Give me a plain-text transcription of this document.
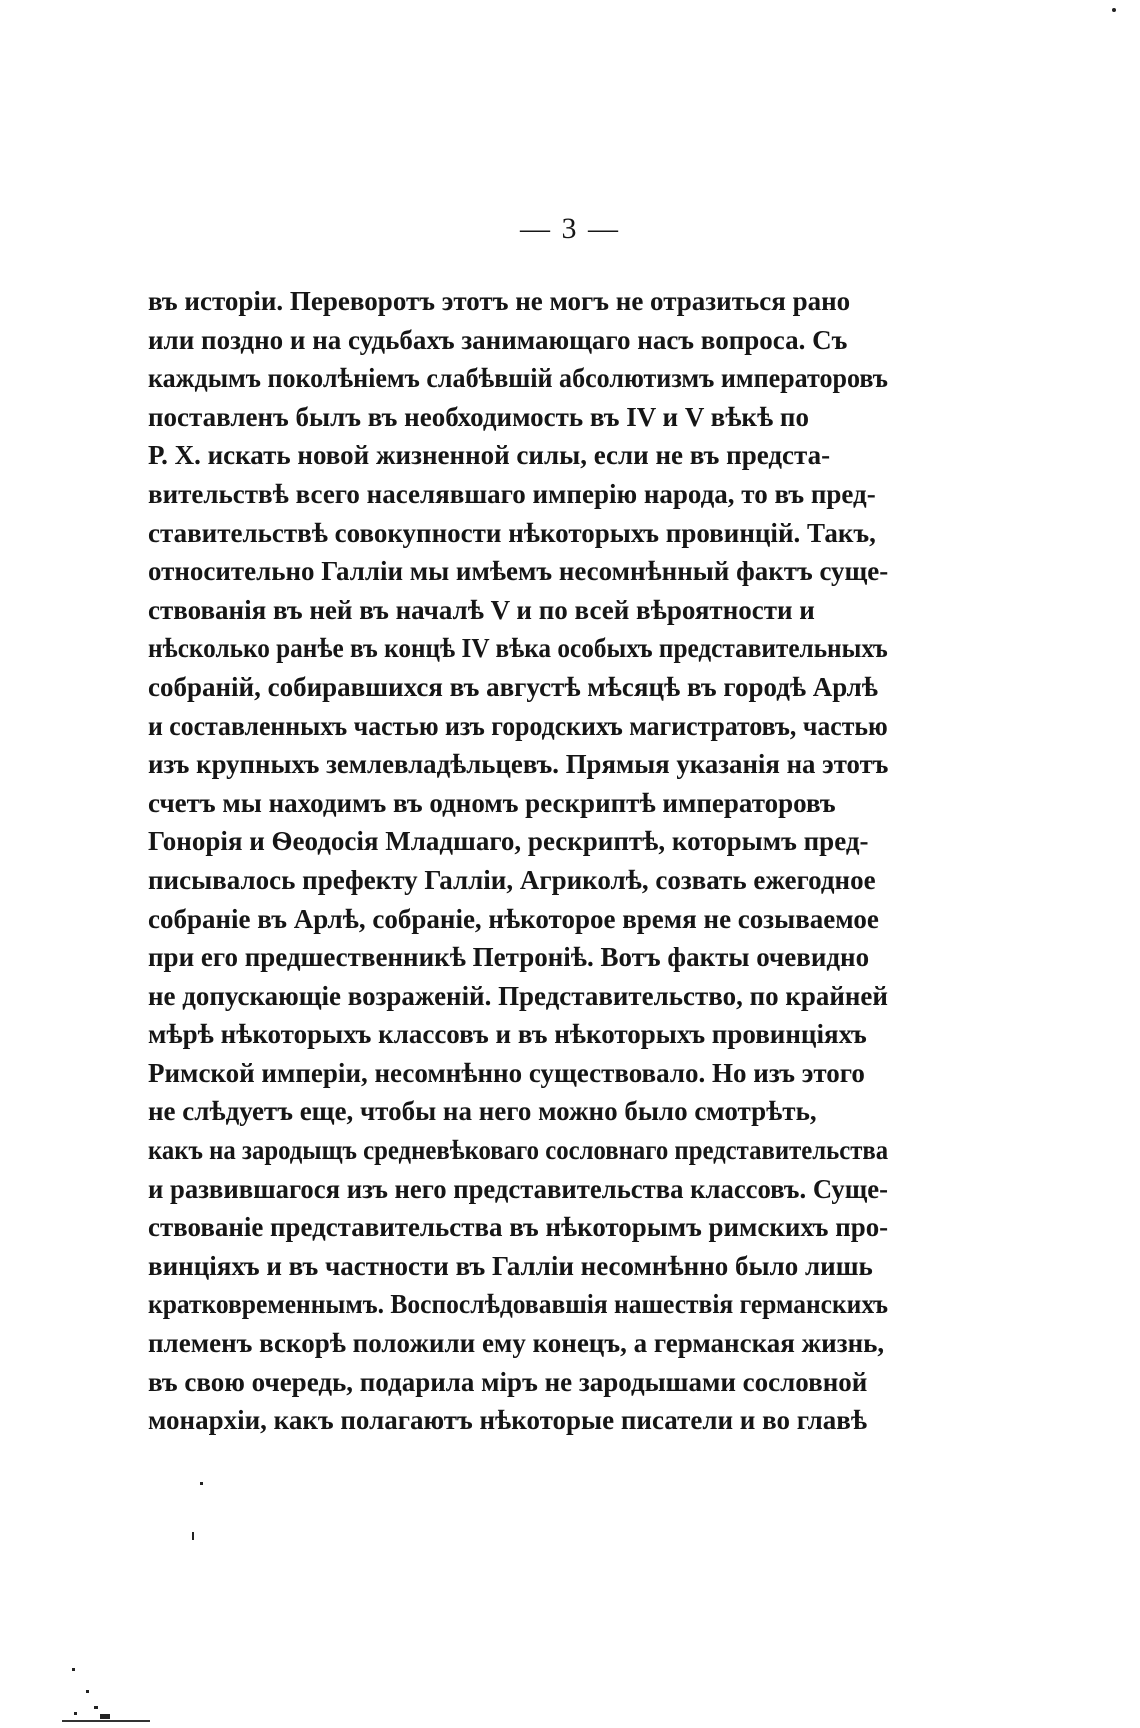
— 3 —
въ исторіи. Переворотъ этотъ не могъ не отразиться рано
или поздно и на судьбахъ занимающаго насъ вопроса. Съ
каждымъ поколѣніемъ слабѣвшій абсолютизмъ императоровъ
поставленъ былъ въ необходимость въ IV и V вѣкѣ по
Р. X. искать новой жизненной силы, если не въ предста-
вительствѣ всего населявшаго имперію народа, то въ пред-
ставительствѣ совокупности нѣкоторыхъ провинцій. Такъ,
относительно Галліи мы имѣемъ несомнѣнный фактъ суще-
ствованія въ ней въ началѣ V и по всей вѣроятности и
нѣсколько ранѣе въ концѣ IV вѣка особыхъ представительныхъ
собраній, собиравшихся въ августѣ мѣсяцѣ въ городѣ Арлѣ
и составленныхъ частью изъ городскихъ магистратовъ, частью
изъ крупныхъ землевладѣльцевъ. Прямыя указанія на этотъ
счетъ мы находимъ въ одномъ рескриптѣ императоровъ
Гонорія и Ѳеодосія Младшаго, рескриптѣ, которымъ пред-
писывалось префекту Галліи, Агриколѣ, созвать ежегодное
собраніе въ Арлѣ, собраніе, нѣкоторое время не созываемое
при его предшественникѣ Петроніѣ. Вотъ факты очевидно
не допускающіе возраженій. Представительство, по крайней
мѣрѣ нѣкоторыхъ классовъ и въ нѣкоторыхъ провинціяхъ
Римской имперіи, несомнѣнно существовало. Но изъ этого
не слѣдуетъ еще, чтобы на него можно было смотрѣть,
какъ на зародыщъ средневѣковаго сословнаго представительства
и развившагося изъ него представительства классовъ. Суще-
ствованіе представительства въ нѣкоторымъ римскихъ про-
винціяхъ и въ частности въ Галліи несомнѣнно было лишь
кратковременнымъ. Воспослѣдовавшія нашествія германскихъ
племенъ вскорѣ положили ему конецъ, а германская жизнь,
въ свою очередь, подарила міръ не зародышами сословной
монархіи, какъ полагаютъ нѣкоторые писатели и во главѣ
